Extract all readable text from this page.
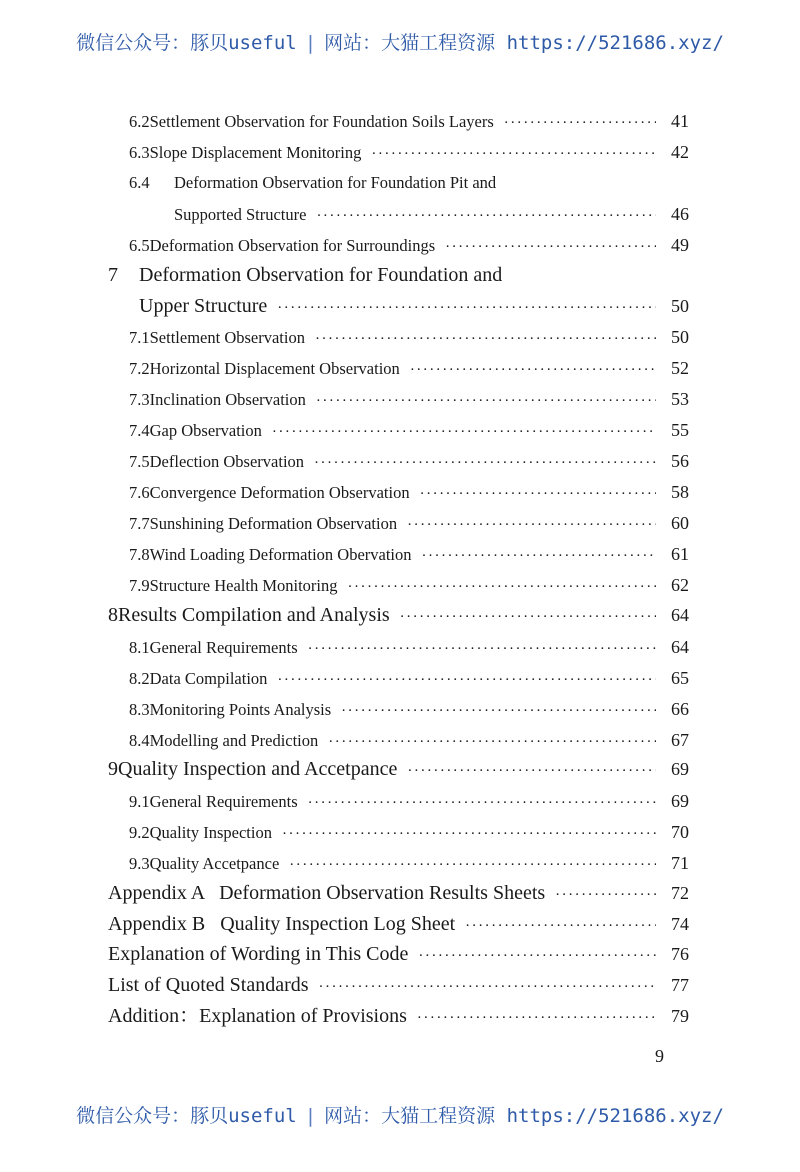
微信公众号：豚贝useful | 网站：大猫工程资源 https://521686.xyz/
6.2 Settlement Observation for Foundation Soils Layers ·····	41
6.3 Slope Displacement Monitoring ·····	42
6.4	Deformation Observation for Foundation Pit and
Supported Structure ·····	46
6.5 Deformation Observation for Surroundings ·····	49
7	Deformation Observation for Foundation and
Upper Structure ·····	50
7.1 Settlement Observation ·····	50
7.2 Horizontal Displacement Observation ·····	52
7.3 Inclination Observation ·····	53
7.4 Gap Observation ·····	55
7.5 Deflection Observation ·····	56
7.6 Convergence Deformation Observation ·····	58
7.7 Sunshining Deformation Observation ·····	60
7.8 Wind Loading Deformation Obervation ·····	61
7.9 Structure Health Monitoring ·····	62
8 Results Compilation and Analysis ·····	64
8.1 General Requirements ·····	64
8.2 Data Compilation ·····	65
8.3 Monitoring Points Analysis ·····	66
8.4 Modelling and Prediction ·····	67
9 Quality Inspection and Accetpance ·····	69
9.1 General Requirements ·····	69
9.2 Quality Inspection ·····	70
9.3 Quality Accetpance ·····	71
Appendix A   Deformation Observation Results Sheets ·····	72
Appendix B   Quality Inspection Log Sheet ·····	74
Explanation of Wording in This Code ·····	76
List of Quoted Standards ·····	77
Addition：Explanation of Provisions ·····	79
9
微信公众号：豚贝useful | 网站：大猫工程资源 https://521686.xyz/
